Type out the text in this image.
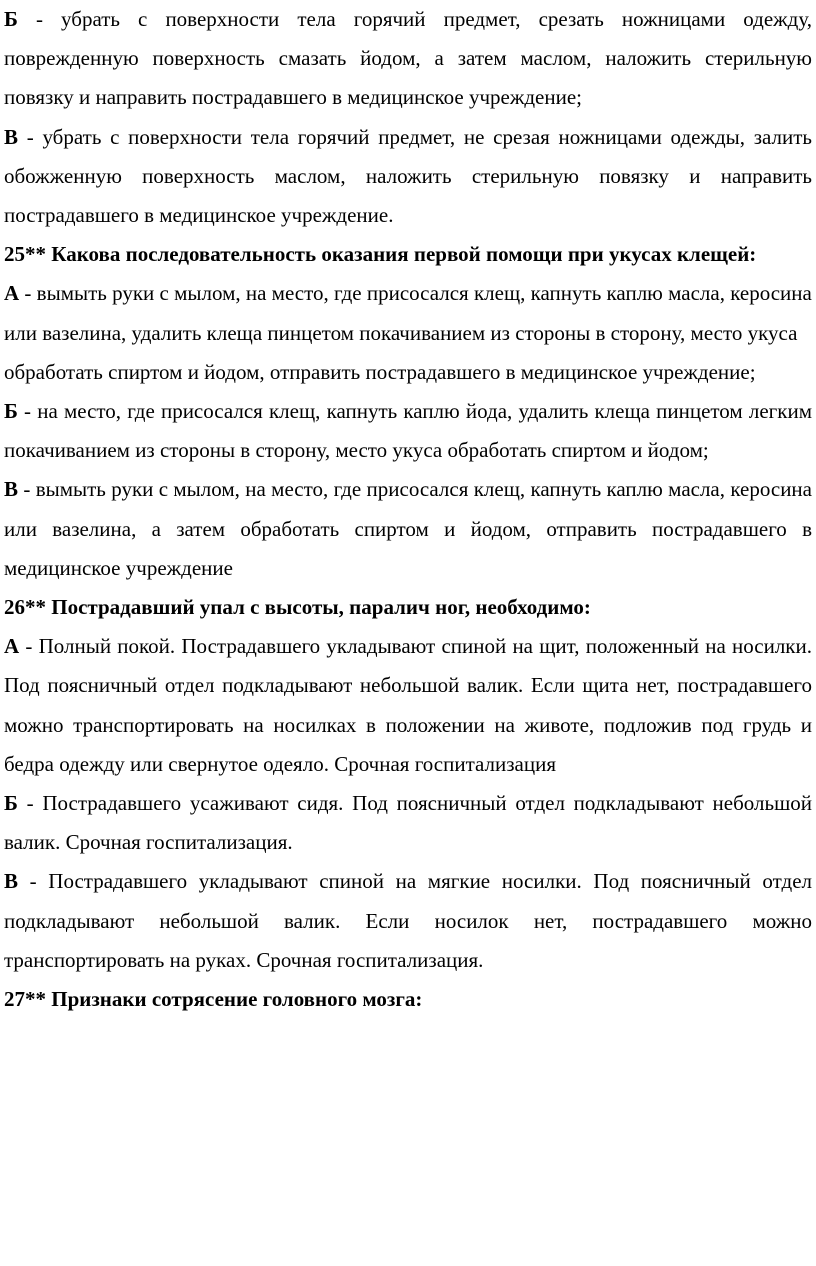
Б - убрать с поверхности тела горячий предмет, срезать ножницами одежду, поврежденную поверхность смазать йодом, а затем маслом, наложить стерильную повязку и направить пострадавшего в медицинское учреждение;

В - убрать с поверхности тела горячий предмет, не срезая ножницами одежды, залить обожженную поверхность маслом, наложить стерильную повязку и направить пострадавшего в медицинское учреждение.

25** Какова последовательность оказания первой помощи при укусах клещей:

А - вымыть руки с мылом, на место, где присосался клещ, капнуть каплю масла, керосина или вазелина, удалить клеща пинцетом покачиванием из стороны в сторону, место укуса обработать спиртом и йодом, отправить пострадавшего в медицинское учреждение;

Б - на место, где присосался клещ, капнуть каплю йода, удалить клеща пинцетом легким покачиванием из стороны в сторону, место укуса обработать спиртом и йодом;

В - вымыть руки с мылом, на место, где присосался клещ, капнуть каплю масла, керосина или вазелина, а затем обработать спиртом и йодом, отправить пострадавшего в медицинское учреждение

26** Пострадавший упал с высоты, паралич ног, необходимо:

А - Полный покой. Пострадавшего укладывают спиной на щит, положенный на носилки. Под поясничный отдел подкладывают небольшой валик. Если щита нет, пострадавшего можно транспортировать на носилках в положении на животе, подложив под грудь и бедра одежду или свернутое одеяло. Срочная госпитализация

Б - Пострадавшего усаживают сидя. Под поясничный отдел подкладывают небольшой валик. Срочная госпитализация.

В - Пострадавшего укладывают спиной на мягкие носилки. Под поясничный отдел подкладывают небольшой валик. Если носилок нет, пострадавшего можно транспортировать на руках. Срочная госпитализация.

27** Признаки сотрясение головного мозга:
